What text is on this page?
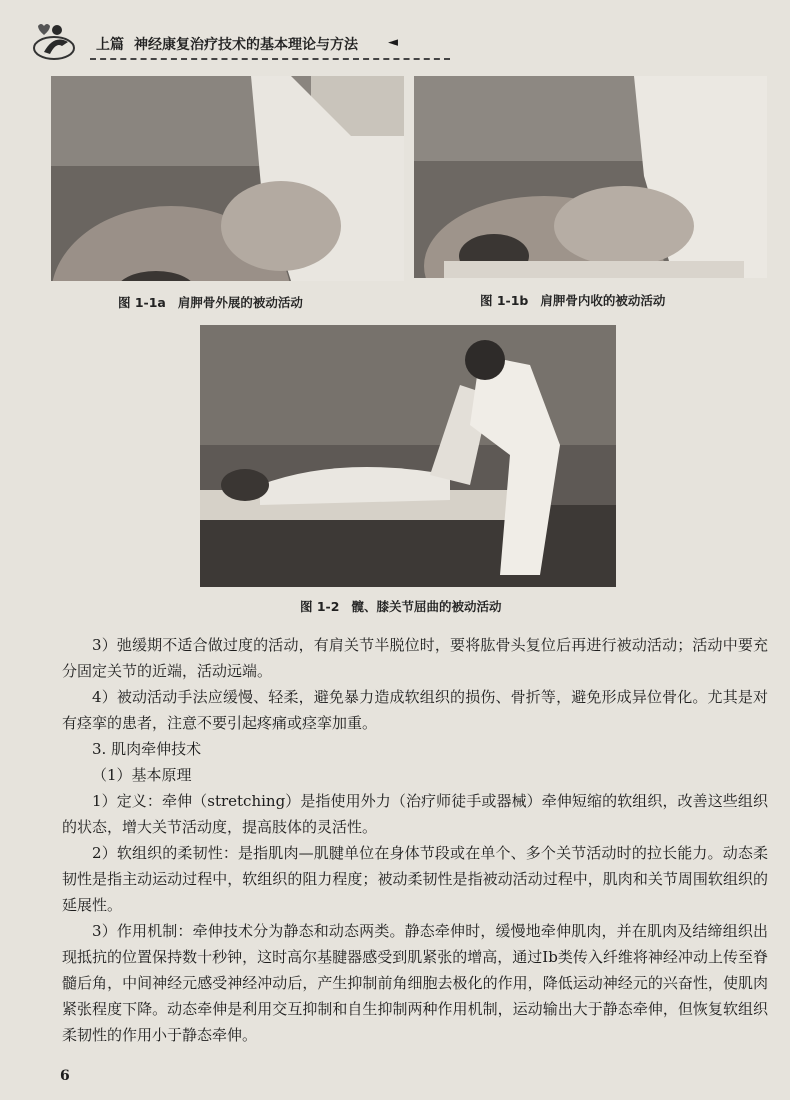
上篇 神经康复治疗技术的基本理论与方法 ◄
图 1-1a 肩胛骨外展的被动活动	图 1-1b 肩胛骨内收的被动活动
图 1-2 髋、膝关节屈曲的被动活动

3）弛缓期不适合做过度的活动，有肩关节半脱位时，要将肱骨头复位后再进行被动活动；活动中要充分固定关节的近端，活动远端。

4）被动活动手法应缓慢、轻柔，避免暴力造成软组织的损伤、骨折等，避免形成异位骨化。尤其是对有痉挛的患者，注意不要引起疼痛或痉挛加重。

3. 肌肉牵伸技术

（1）基本原理

1）定义：牵伸（stretching）是指使用外力（治疗师徒手或器械）牵伸短缩的软组织，改善这些组织的状态，增大关节活动度，提高肢体的灵活性。

2）软组织的柔韧性：是指肌肉—肌腱单位在身体节段或在单个、多个关节活动时的拉长能力。动态柔韧性是指主动运动过程中，软组织的阻力程度；被动柔韧性是指被动活动过程中，肌肉和关节周围软组织的延展性。

3）作用机制：牵伸技术分为静态和动态两类。静态牵伸时，缓慢地牵伸肌肉，并在肌肉及结缔组织出现抵抗的位置保持数十秒钟，这时高尔基腱器感受到肌紧张的增高，通过Ⅰb类传入纤维将神经冲动上传至脊髓后角，中间神经元感受神经冲动后，产生抑制前角细胞去极化的作用，降低运动神经元的兴奋性，使肌肉紧张程度下降。动态牵伸是利用交互抑制和自生抑制两种作用机制，运动输出大于静态牵伸，但恢复软组织柔韧性的作用小于静态牵伸。

6
